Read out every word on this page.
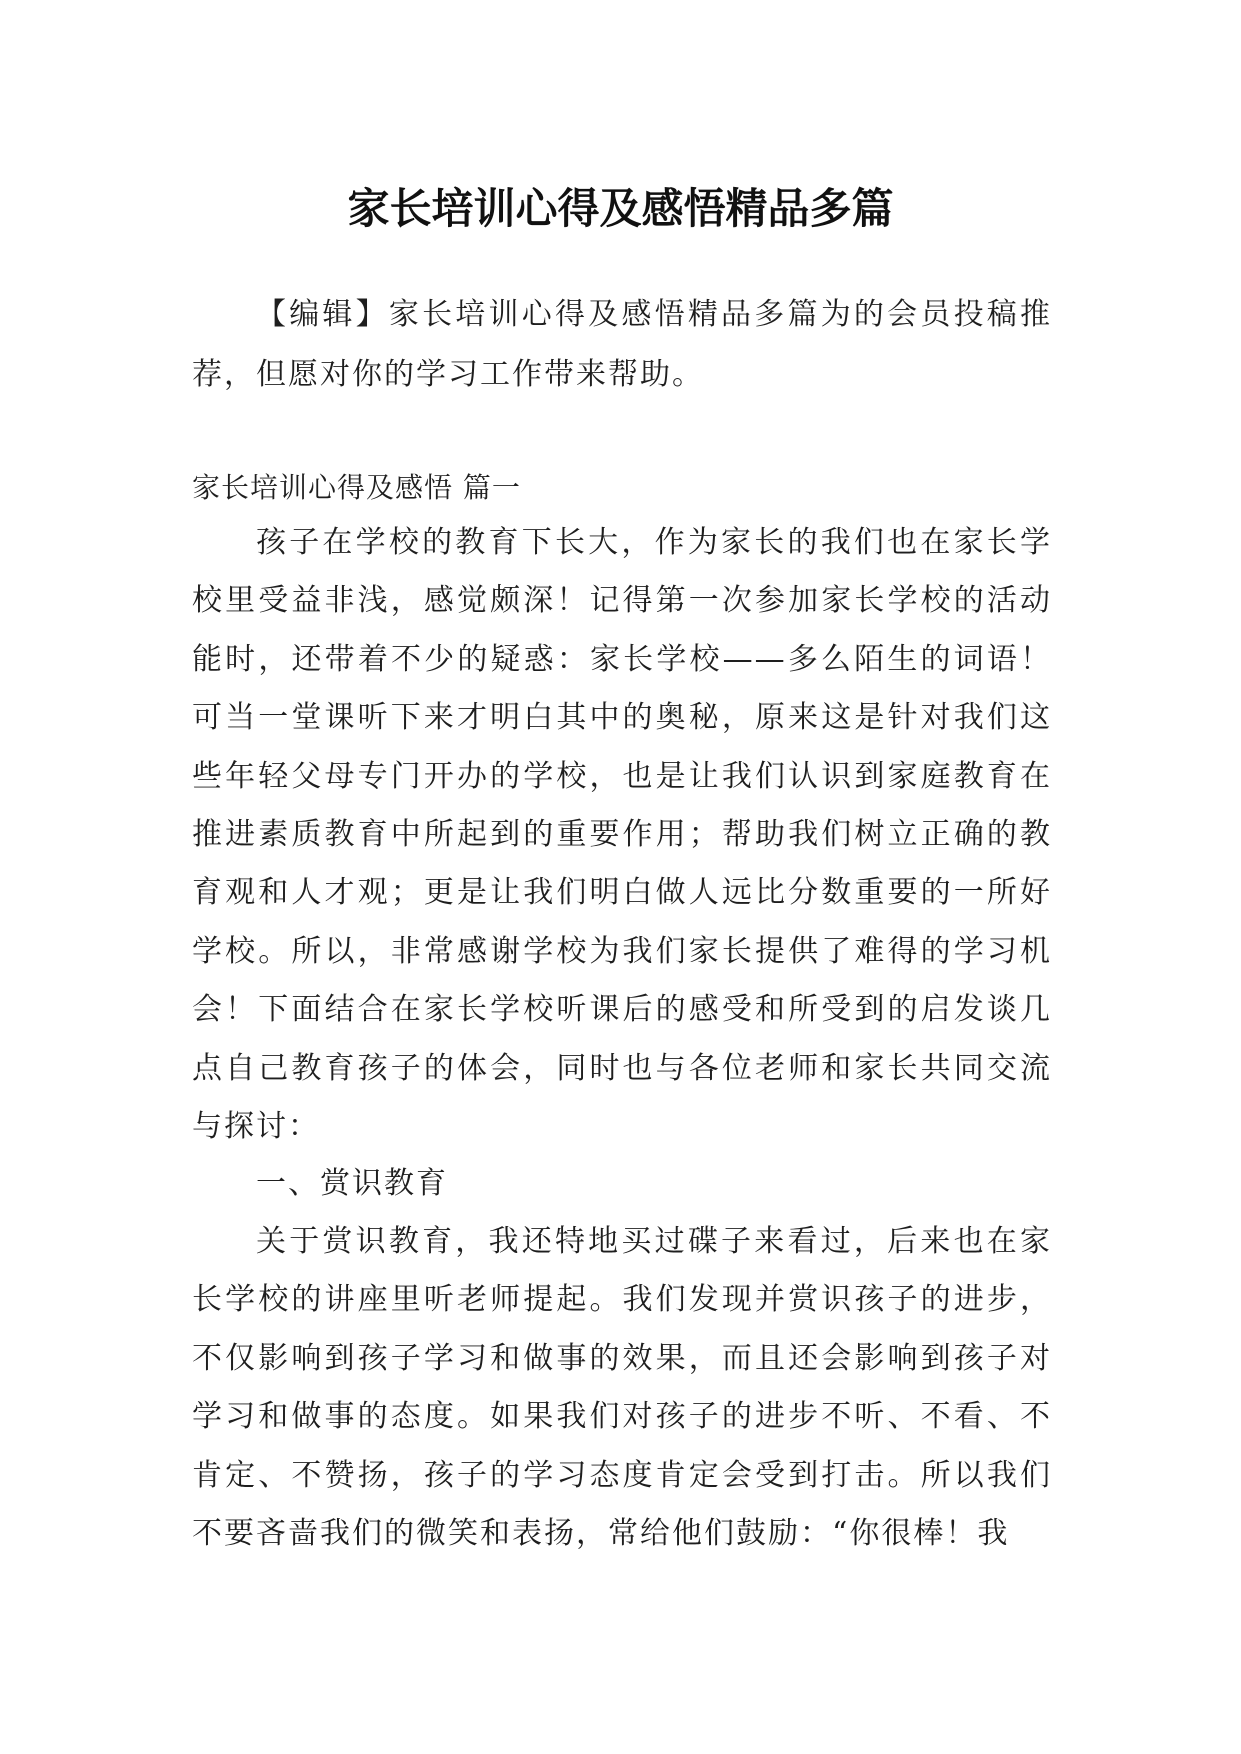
家长培训心得及感悟精品多篇

【编辑】家长培训心得及感悟精品多篇为的会员投稿推荐，但愿对你的学习工作带来帮助。

家长培训心得及感悟 篇一

孩子在学校的教育下长大，作为家长的我们也在家长学校里受益非浅，感觉颇深！记得第一次参加家长学校的活动能时，还带着不少的疑惑：家长学校——多么陌生的词语！可当一堂课听下来才明白其中的奥秘，原来这是针对我们这些年轻父母专门开办的学校，也是让我们认识到家庭教育在推进素质教育中所起到的重要作用；帮助我们树立正确的教育观和人才观；更是让我们明白做人远比分数重要的一所好学校。所以，非常感谢学校为我们家长提供了难得的学习机会！下面结合在家长学校听课后的感受和所受到的启发谈几点自己教育孩子的体会，同时也与各位老师和家长共同交流与探讨：

一、赏识教育

关于赏识教育，我还特地买过碟子来看过，后来也在家长学校的讲座里听老师提起。我们发现并赏识孩子的进步，不仅影响到孩子学习和做事的效果，而且还会影响到孩子对学习和做事的态度。如果我们对孩子的进步不听、不看、不肯定、不赞扬，孩子的学习态度肯定会受到打击。所以我们不要吝啬我们的微笑和表扬，常给他们鼓励：“你很棒！我
